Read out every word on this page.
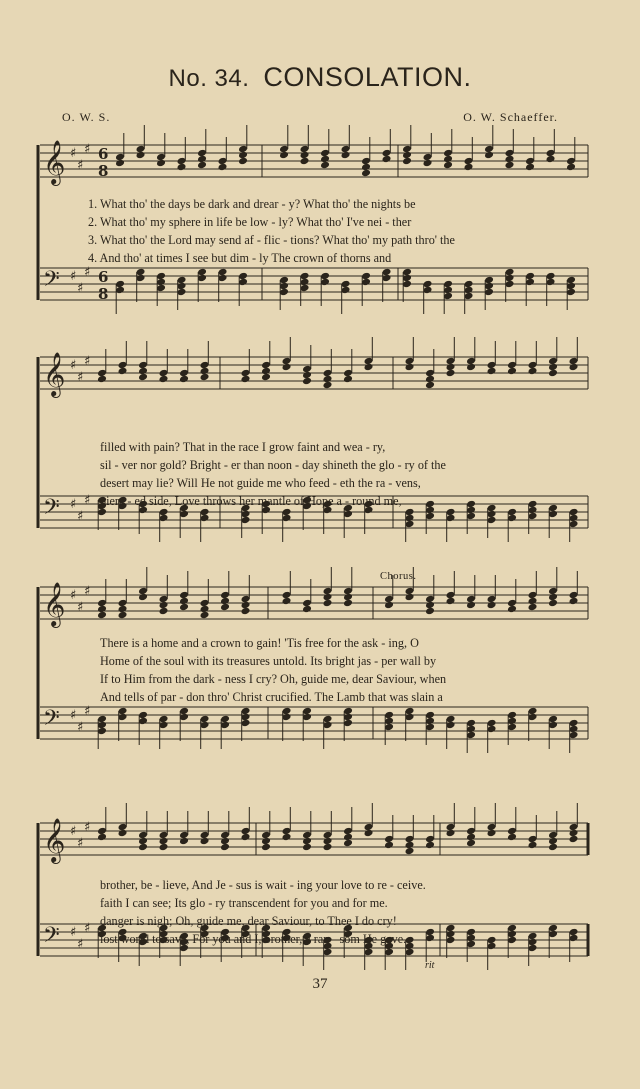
𝄞 ♯
♯
♯ 6
8
𝄢 ♯
♯
♯ 6
8
𝄞 ♯
♯
♯
𝄢 ♯
♯
♯
𝄞 ♯
♯
♯
𝄢 ♯
♯
♯
𝄞 ♯
♯
♯
𝄢 ♯
♯
♯
No. 34. CONSOLATION.
O. W. S.	O. W. Schaeffer.
1. What tho' the days be dark and drear - y? What tho' the nights be
2. What tho' my sphere in life be low - ly? What tho' I've nei - ther
3. What tho' the Lord may send af - flic - tions? What tho' my path thro' the
4. And tho' at times I see but dim - ly The crown of thorns and
filled with pain? That in the race I grow faint and wea - ry,
sil - ver nor gold? Bright - er than noon - day shineth the glo - ry of the
desert may lie? Will He not guide me who feed - eth the ra - vens,
pierc - ed side, Love throws her mantle of Hope a - round me,
There is a home and a crown to gain! 'Tis free for the ask - ing, O
Home of the soul with its treasures untold. Its bright jas - per wall by
If to Him from the dark - ness I cry? Oh, guide me, dear Saviour, when
And tells of par - don thro' Christ crucified. The Lamb that was slain a
brother, be - lieve, And Je - sus is wait - ing your love to re - ceive.
faith I can see; Its glo - ry transcendent for you and for me.
danger is nigh; Oh, guide me, dear Saviour, to Thee I do cry!
lost world to save, For you and I, brother, a ran - som He gave.
Chorus.
rit
37
